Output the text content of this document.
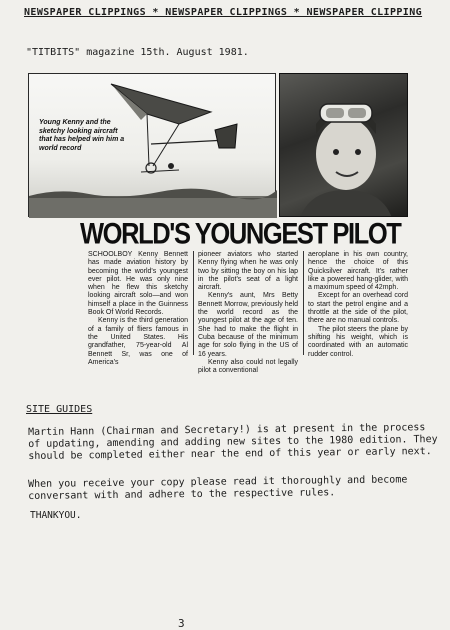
NEWSPAPER CLIPPINGS * NEWSPAPER CLIPPINGS * NEWSPAPER CLIPPING
"TITBITS" magazine 15th. August 1981.
Young Kenny and the sketchy looking aircraft that has helped win him a world record
WORLD'S YOUNGEST PILOT

SCHOOLBOY Kenny Bennett has made aviation history by becoming the world's youngest ever pilot. He was only nine when he flew this sketchy looking aircraft solo—and won himself a place in the Guinness Book Of World Records.

Kenny is the third generation of a family of fliers famous in the United States. His grandfather, 75-year-old Al Bennett Sr, was one of America's

pioneer aviators who started Kenny flying when he was only two by sitting the boy on his lap in the pilot's seat of a light aircraft.

Kenny's aunt, Mrs Betty Bennett Morrow, previously held the world record as the youngest pilot at the age of ten. She had to make the flight in Cuba because of the minimum age for solo flying in the US of 16 years.

Kenny also could not legally pilot a conventional

aeroplane in his own country, hence the choice of this Quicksilver aircraft. It's rather like a powered hang-glider, with a maximum speed of 42mph.

Except for an overhead cord to start the petrol engine and a throttle at the side of the pilot, there are no manual controls.

The pilot steers the plane by shifting his weight, which is coordinated with an automatic rudder control.

SITE GUIDES
Martin Hann (Chairman and Secretary!) is at present in the process of updating, amending and adding new sites to the 1980 edition. They should be completed either near the end of this year or early next.
When you receive your copy please read it thoroughly and become conversant with and adhere to the respective rules.
THANKYOU.
3
